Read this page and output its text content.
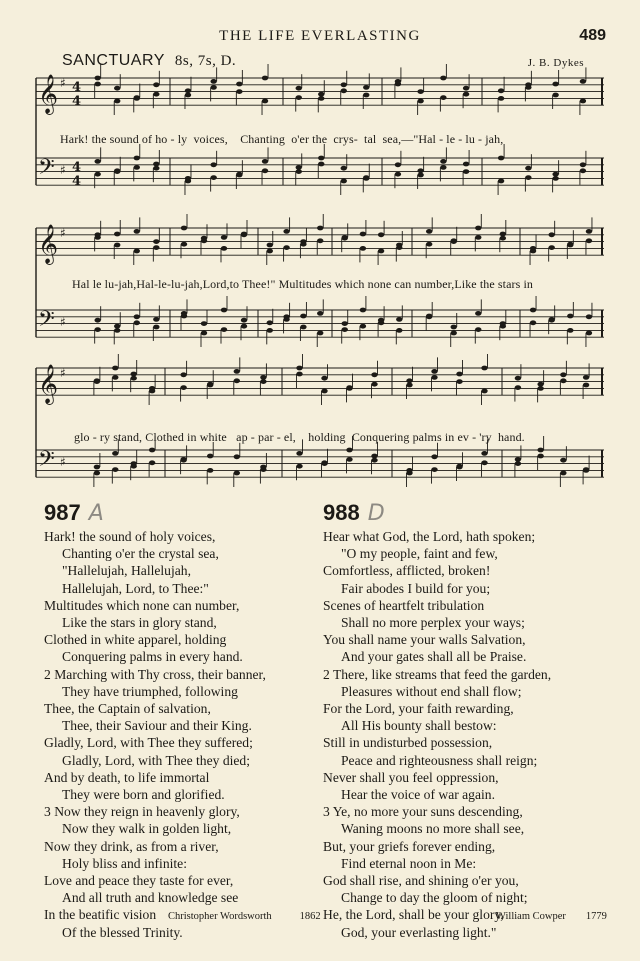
THE LIFE EVERLASTING	489
SANCTUARY 8s, 7s, D.	J. B. Dykes
𝄞 ♯ 4
4
𝄢 ♯ 4
4
𝄞 ♯
𝄢 ♯
𝄞 ♯
𝄢 ♯
Hark! the sound of ho - ly  voices,    Chanting  o'er the  crys-  tal  sea,—"Hal - le - lu - jah,
Hal le lu-jah,Hal-le-lu-jah,Lord,to Thee!" Multitudes which none can number,Like the stars in
glo - ry stand, Clothed in white   ap - par - el,    holding  Conquering palms in ev - 'ry  hand.
987 A
Hark! the sound of holy voices,
Chanting o'er the crystal sea,
"Hallelujah, Hallelujah,
Hallelujah, Lord, to Thee:"
Multitudes which none can number,
Like the stars in glory stand,
Clothed in white apparel, holding
Conquering palms in every hand.
2 Marching with Thy cross, their banner,
They have triumphed, following
Thee, the Captain of salvation,
Thee, their Saviour and their King.
Gladly, Lord, with Thee they suffered;
Gladly, Lord, with Thee they died;
And by death, to life immortal
They were born and glorified.
3 Now they reign in heavenly glory,
Now they walk in golden light,
Now they drink, as from a river,
Holy bliss and infinite:
Love and peace they taste for ever,
And all truth and knowledge see
In the beatific vision
Of the blessed Trinity.
988 D
Hear what God, the Lord, hath spoken;
"O my people, faint and few,
Comfortless, afflicted, broken!
Fair abodes I build for you;
Scenes of heartfelt tribulation
Shall no more perplex your ways;
You shall name your walls Salvation,
And your gates shall all be Praise.
2 There, like streams that feed the garden,
Pleasures without end shall flow;
For the Lord, your faith rewarding,
All His bounty shall bestow:
Still in undisturbed possession,
Peace and righteousness shall reign;
Never shall you feel oppression,
Hear the voice of war again.
3 Ye, no more your suns descending,
Waning moons no more shall see,
But, your griefs forever ending,
Find eternal noon in Me:
God shall rise, and shining o'er you,
Change to day the gloom of night;
He, the Lord, shall be your glory,
God, your everlasting light."
Christopher Wordsworth	1862	William Cowper 1779
